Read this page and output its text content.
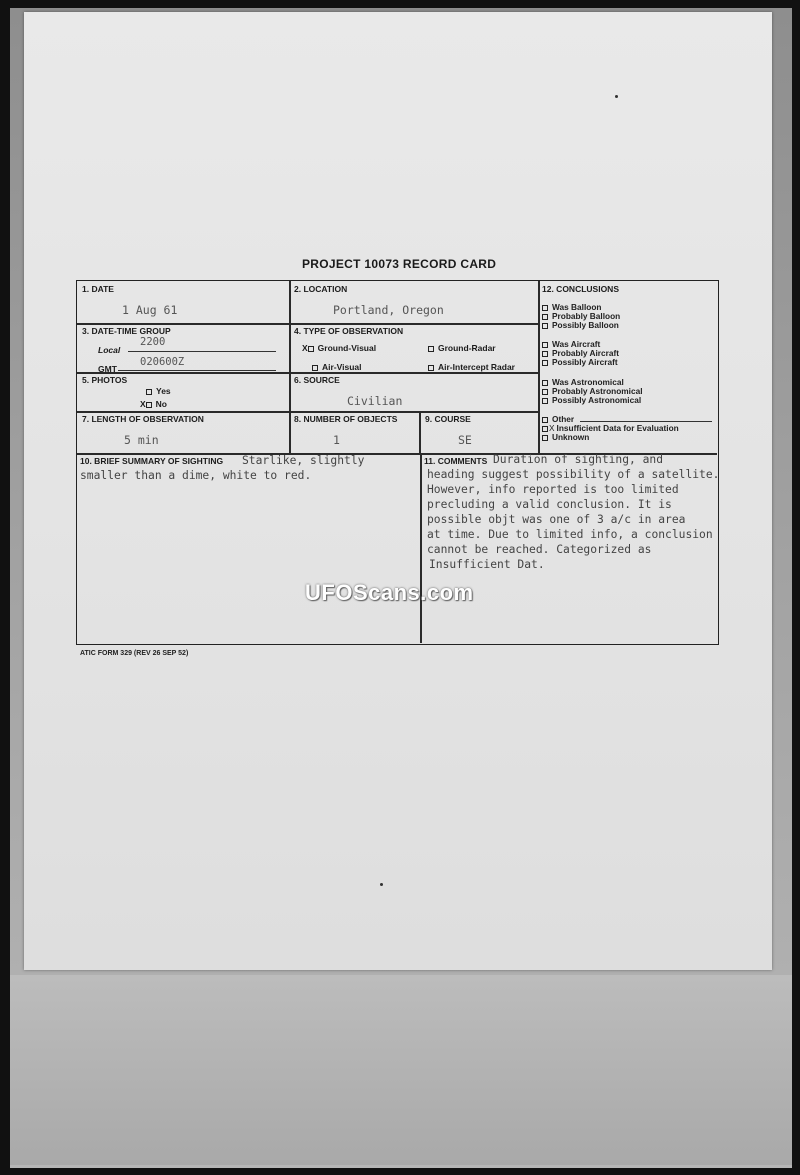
PROJECT 10073 RECORD CARD
1. DATE
1 Aug 61
2. LOCATION
Portland, Oregon
3. DATE-TIME GROUP
Local
2200
GMT
020600Z
4. TYPE OF OBSERVATION
X Ground-Visual	Ground-Radar
Air-Visual	Air-Intercept Radar
5. PHOTOS
Yes
X No
6. SOURCE
Civilian
7. LENGTH OF OBSERVATION
5 min
8. NUMBER OF OBJECTS
1
9. COURSE
SE
12. CONCLUSIONS
Was Balloon
Probably Balloon
Possibly Balloon
Was Aircraft
Probably Aircraft
Possibly Aircraft
Was Astronomical
Probably Astronomical
Possibly Astronomical
Other
X Insufficient Data for Evaluation
Unknown
10. BRIEF SUMMARY OF SIGHTING Starlike, slightly
smaller than a dime, white to red.
11. COMMENTS Duration of sighting, and
heading suggest possibility of a satellite.
However, info reported is too limited
precluding a valid conclusion. It is
possible objt was one of 3 a/c in area
at time. Due to limited info, a conclusion
cannot be reached. Categorized as
Insufficient Dat.
UFOScans.com
ATIC FORM 329 (REV 26 SEP 52)
